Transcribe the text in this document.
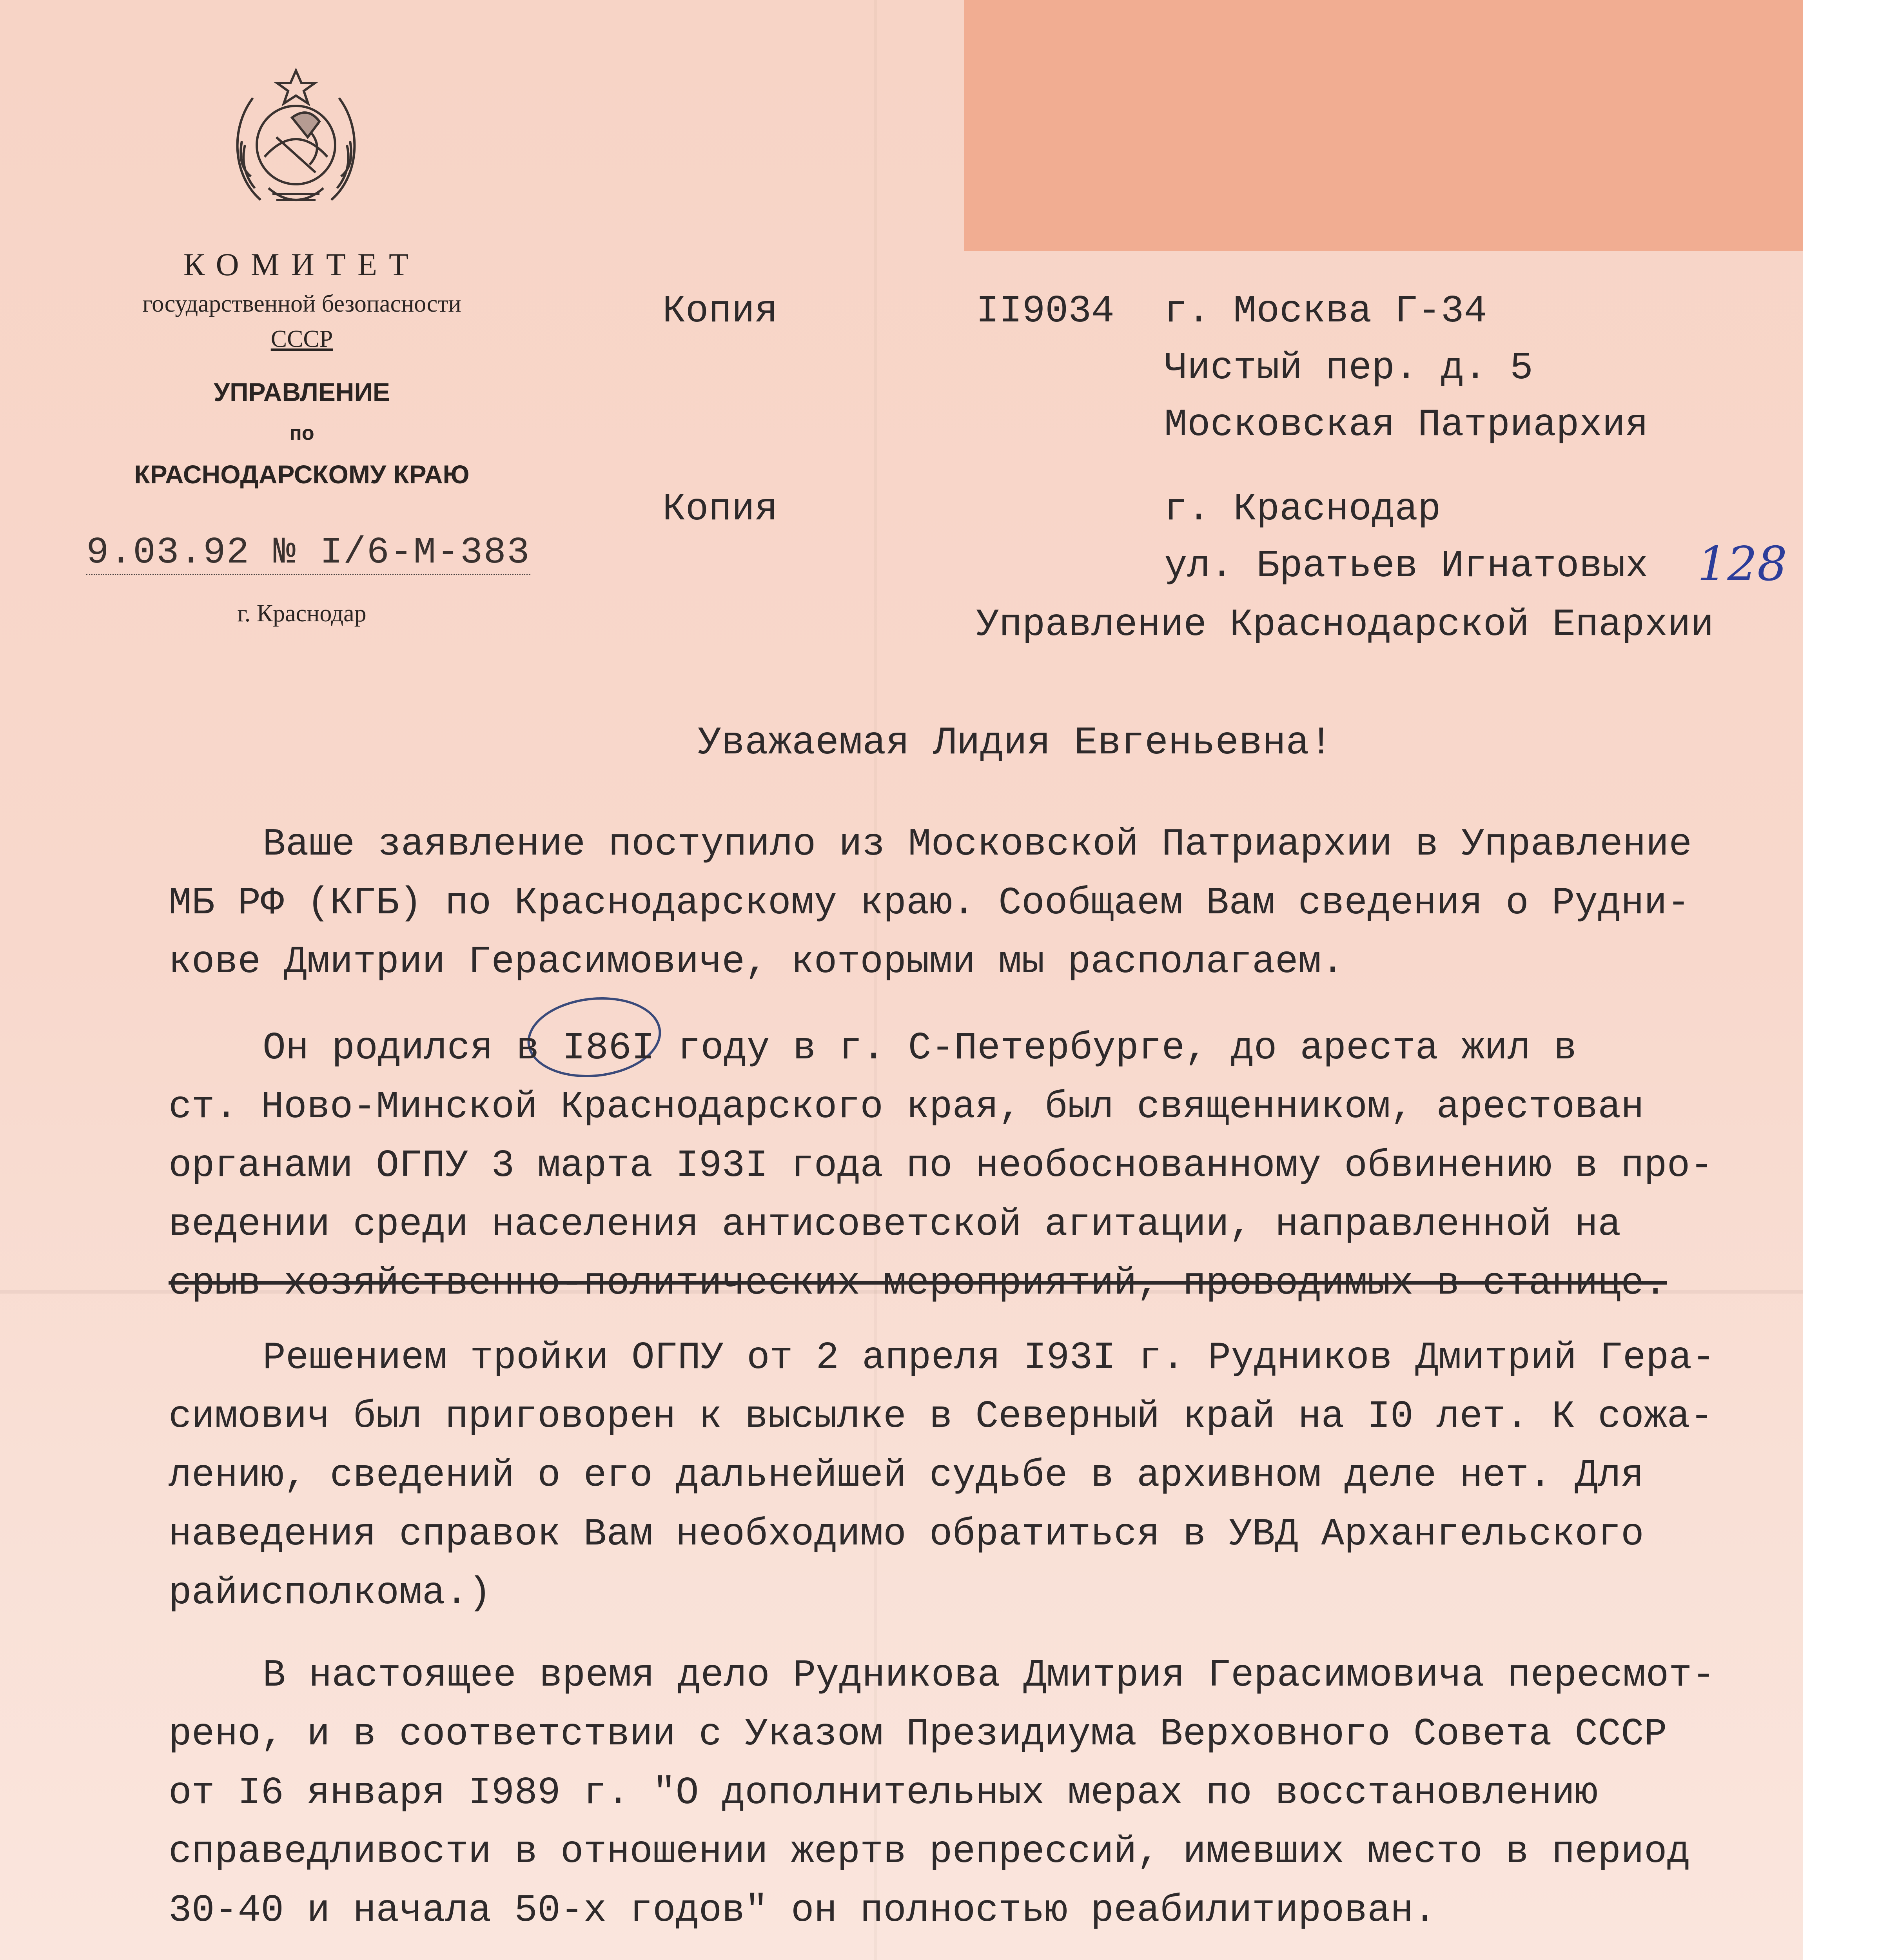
КОМИТЕТ
государственной безопасности
СССР
УПРАВЛЕНИЕ
по
КРАСНОДАРСКОМУ КРАЮ
9.03.92 № I/6-M-383
г. Краснодар
Копия	II9034 г. Москва Г-34
Чистый пер. д. 5
Московская Патриархия
Копия	г. Краснодар
ул. Братьев Игнатовых 128
Управление Краснодарской Епархии
Уважаемая Лидия Евгеньевна!
Ваше заявление поступило из Московской Патриархии в Управление
МБ РФ (КГБ) по Краснодарскому краю. Сообщаем Вам сведения о Рудни-
кове Дмитрии Герасимовиче, которыми мы располагаем.
Он родился в I86I году в г. С-Петербурге, до ареста жил в
ст. Ново-Минской Краснодарского края, был священником, арестован
органами ОГПУ 3 марта I93I года по необоснованному обвинению в про-
ведении среди населения антисоветской агитации, направленной на
срыв хозяйственно-политических мероприятий, проводимых в станице.
Решением тройки ОГПУ от 2 апреля I93I г. Рудников Дмитрий Гера-
симович был приговорен к высылке в Северный край на I0 лет. К сожа-
лению, сведений о его дальнейшей судьбе в архивном деле нет. Для
наведения справок Вам необходимо обратиться в УВД Архангельского
райисполкома.)
В настоящее время дело Рудникова Дмитрия Герасимовича пересмот-
рено, и в соответствии с Указом Президиума Верховного Совета СССР
от I6 января I989 г. "О дополнительных мерах по восстановлению
справедливости в отношении жертв репрессий, имевших место в период
30-40 и начала 50-х годов" он полностью реабилитирован.
